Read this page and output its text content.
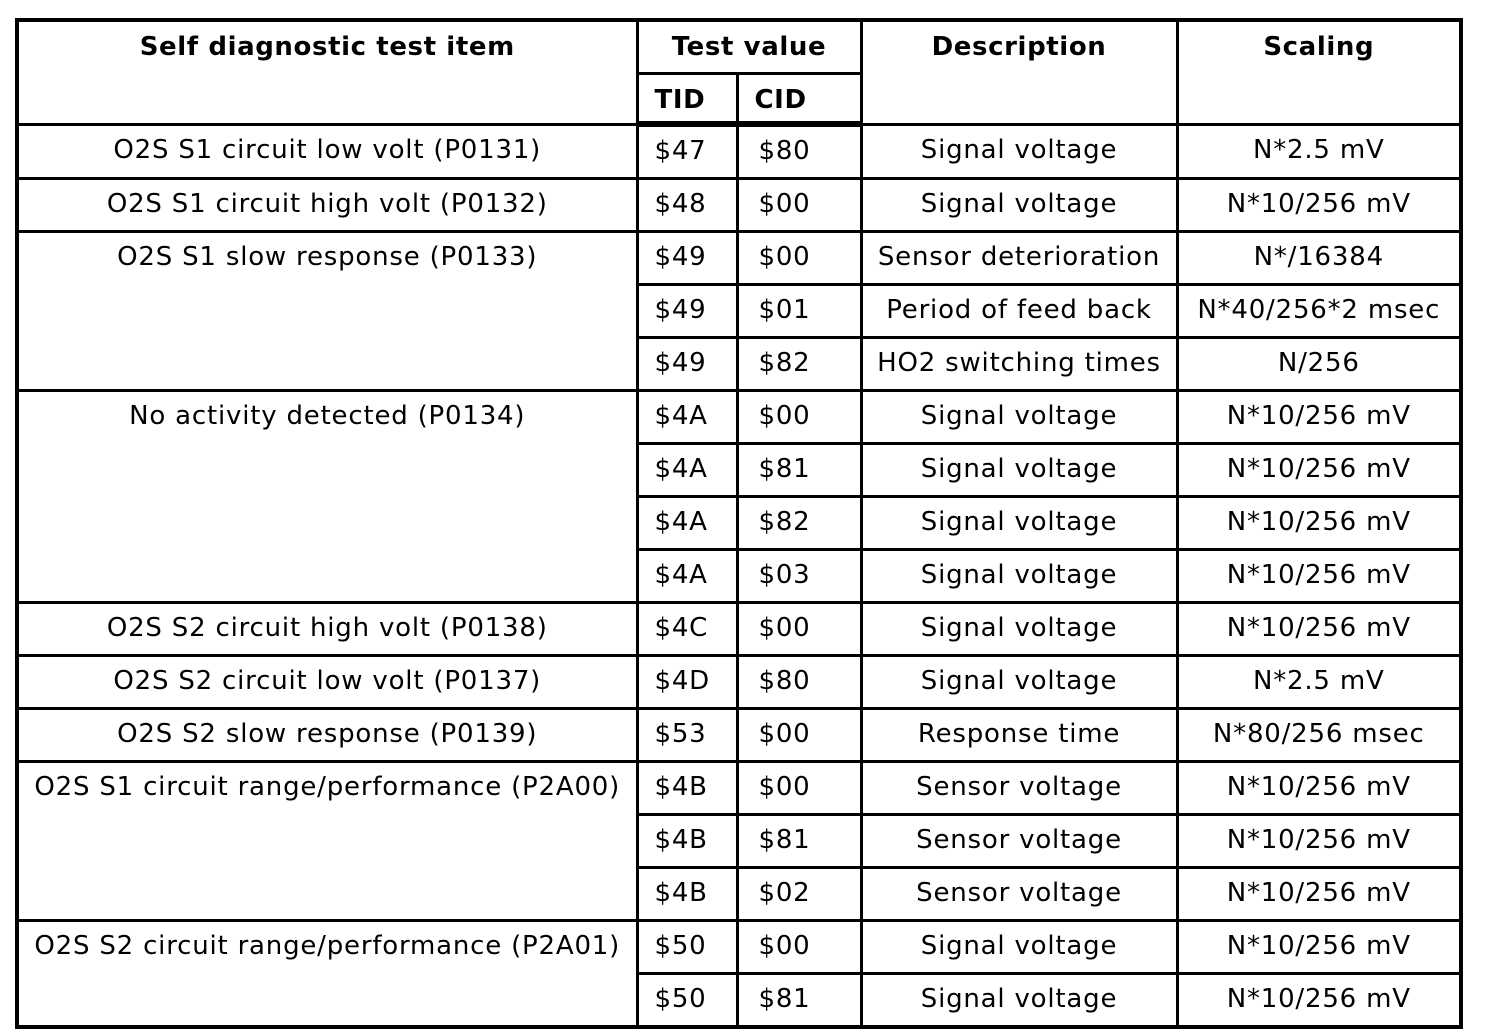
Self diagnostic test item	Test value		Description	Scaling
	TID	CID		
O2S S1 circuit low volt (P0131)	$47	$80	Signal voltage	N*2.5 mV
O2S S1 circuit high volt (P0132)	$48	$00	Signal voltage	N*10/256 mV
O2S S1 slow response (P0133)	$49	$00	Sensor deterioration	N*/16384
	$49	$01	Period of feed back	N*40/256*2 msec
	$49	$82	HO2 switching times	N/256
No activity detected (P0134)	$4A	$00	Signal voltage	N*10/256 mV
	$4A	$81	Signal voltage	N*10/256 mV
	$4A	$82	Signal voltage	N*10/256 mV
	$4A	$03	Signal voltage	N*10/256 mV
O2S S2 circuit high volt (P0138)	$4C	$00	Signal voltage	N*10/256 mV
O2S S2 circuit low volt (P0137)	$4D	$80	Signal voltage	N*2.5 mV
O2S S2 slow response (P0139)	$53	$00	Response time	N*80/256 msec
O2S S1 circuit range/performance (P2A00)	$4B	$00	Sensor voltage	N*10/256 mV
	$4B	$81	Sensor voltage	N*10/256 mV
	$4B	$02	Sensor voltage	N*10/256 mV
O2S S2 circuit range/performance (P2A01)	$50	$00	Signal voltage	N*10/256 mV
	$50	$81	Signal voltage	N*10/256 mV
